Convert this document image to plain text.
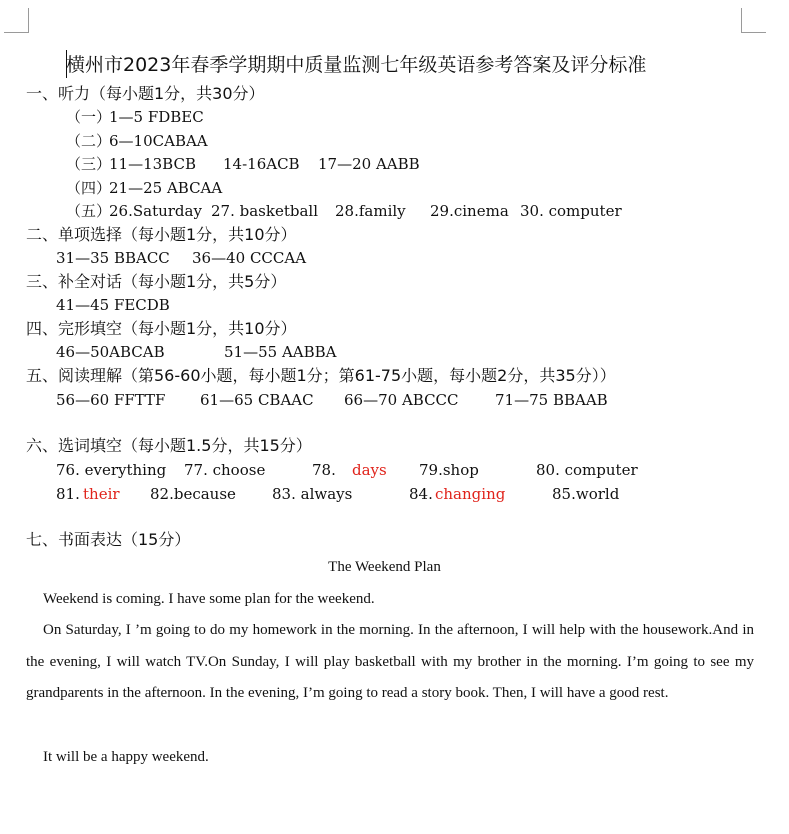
横州市2023年春季学期期中质量监测七年级英语参考答案及评分标准
一、听力（每小题1分，共30分）
（一）
1—5 FDBEC
（二）
6—10CABAA
（三）
11—13BCB 14-16ACB 17—20 AABB
（四）
21—25 ABCAA
（五）
26.Saturday 27. basketball 28.family 29.cinema 30. computer
二、单项选择（每小题1分，共10分）
31—35 BBACC 36—40 CCCAA
三、补全对话（每小题1分，共5分）
41—45 FECDB
四、完形填空（每小题1分，共10分）
46—50ABCAB	51—55 AABBA
五、阅读理解（第56-60小题，每小题1分；第61-75小题，每小题2分，共35分））
56—60 FFTTF 61—65 CBAAC 66—70 ABCCC 71—75 BBAAB
六、选词填空（每小题1.5分，共15分）
76. everything 77. choose	78. days 79.shop	80. computer
81. their 82.because 83. always	84. changing	85.world
七、书面表达（15分）
The Weekend Plan

Weekend is coming. I have some plan for the weekend.

On Saturday, I ’m going to do my homework in the morning. In the afternoon, I will help with the housework.And in the evening, I will watch TV.On Sunday, I will play basketball with my brother in the morning. I’m going to see my grandparents in the afternoon. In the evening, I’m going to read a story book. Then, I will have a good rest.

It will be a happy weekend.
